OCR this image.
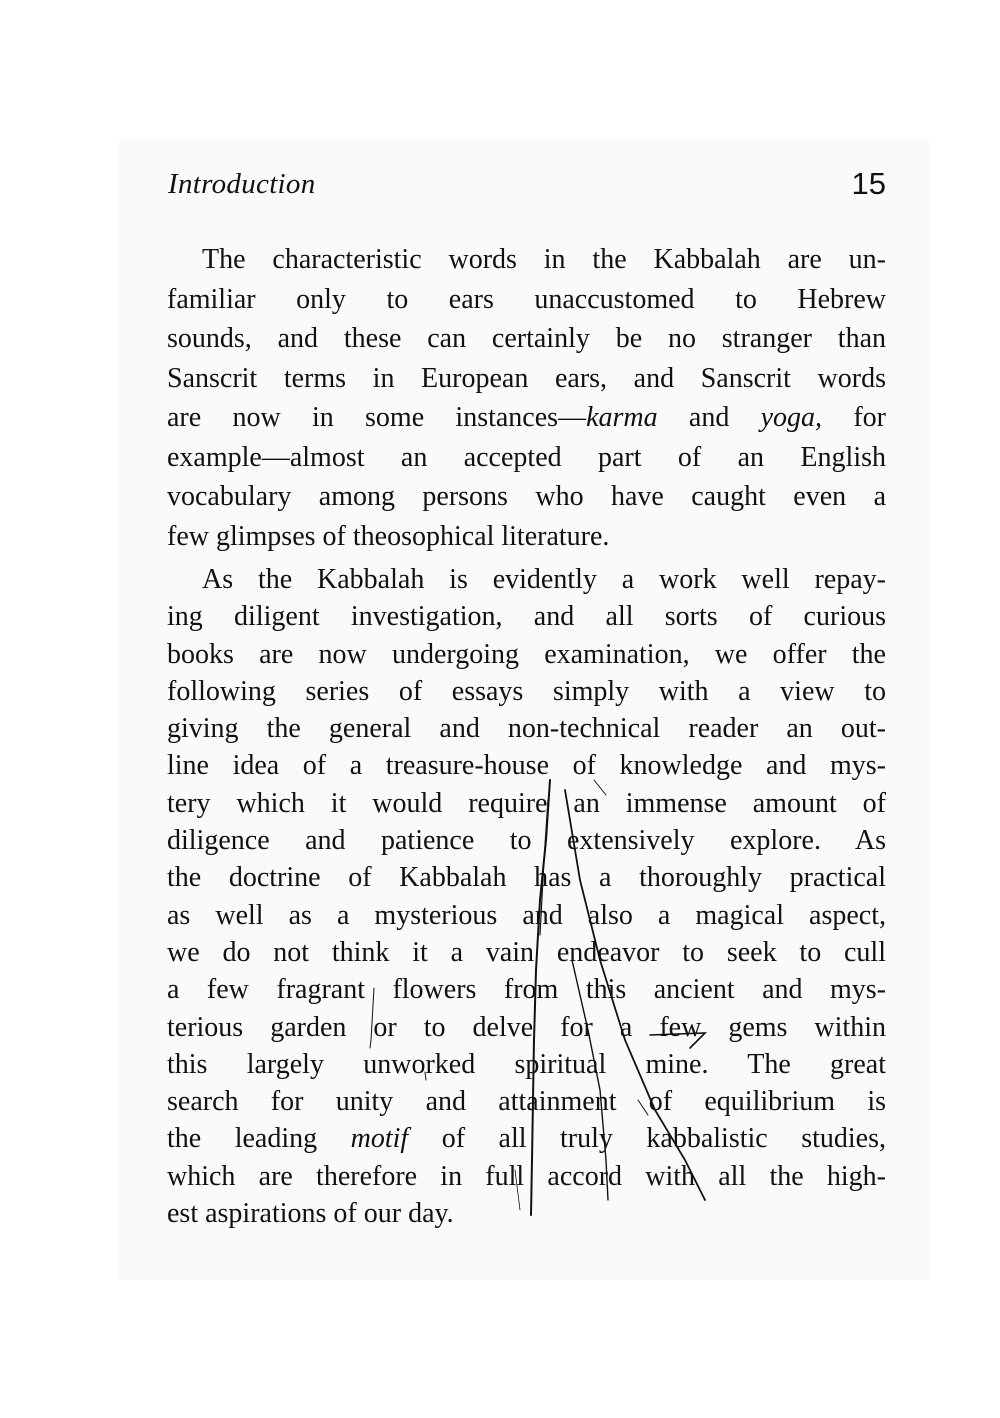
Introduction	15
The characteristic words in the Kabbalah are un-
familiar only to ears unaccustomed to Hebrew
sounds, and these can certainly be no stranger than
Sanscrit terms in European ears, and Sanscrit words
are now in some instances—karma and yoga, for
example—almost an accepted part of an English
vocabulary among persons who have caught even a
few glimpses of theosophical literature.
As the Kabbalah is evidently a work well repay-
ing diligent investigation, and all sorts of curious
books are now undergoing examination, we offer the
following series of essays simply with a view to
giving the general and non-technical reader an out-
line idea of a treasure-house of knowledge and mys-
tery which it would require an immense amount of
diligence and patience to extensively explore. As
the doctrine of Kabbalah has a thoroughly practical
as well as a mysterious and also a magical aspect,
we do not think it a vain endeavor to seek to cull
a few fragrant flowers from this ancient and mys-
terious garden or to delve for a few gems within
this largely unworked spiritual mine. The great
search for unity and attainment of equilibrium is
the leading motif of all truly kabbalistic studies,
which are therefore in full accord with all the high-
est aspirations of our day.
